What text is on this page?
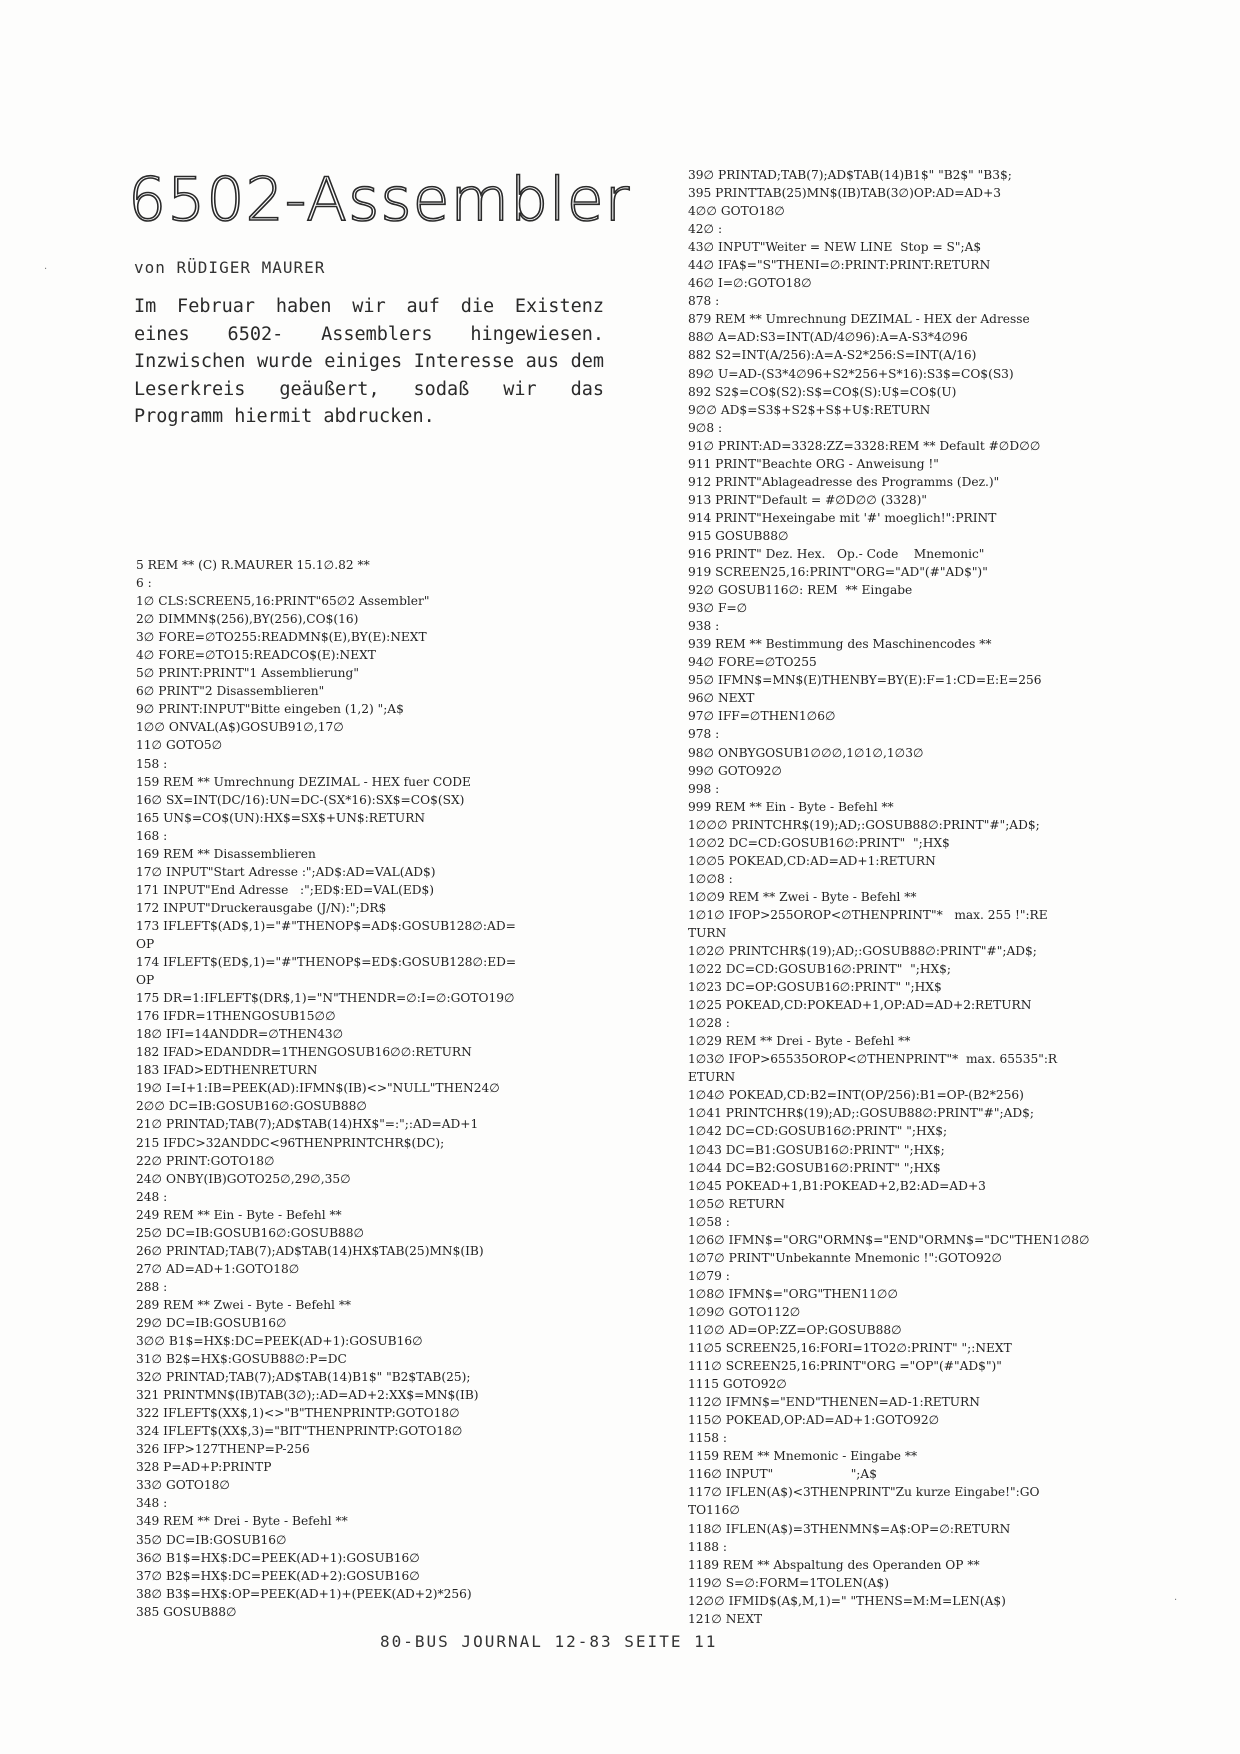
6502-Assembler
von RÜDIGER MAURER
Im Februar haben wir auf die Existenz eines 6502- Assemblers hingewiesen. Inzwischen wurde einiges Interesse aus dem Leserkreis geäußert, sodaß wir das Programm hiermit abdrucken.
5 REM ** (C) R.MAURER 15.1∅.82 **
6 :
1∅ CLS:SCREEN5,16:PRINT"65∅2 Assembler"
2∅ DIMMN$(256),BY(256),CO$(16)
3∅ FORE=∅TO255:READMN$(E),BY(E):NEXT
4∅ FORE=∅TO15:READCO$(E):NEXT
5∅ PRINT:PRINT"1 Assemblierung"
6∅ PRINT"2 Disassemblieren"
9∅ PRINT:INPUT"Bitte eingeben (1,2) ";A$
1∅∅ ONVAL(A$)GOSUB91∅,17∅
11∅ GOTO5∅
158 :
159 REM ** Umrechnung DEZIMAL - HEX fuer CODE
16∅ SX=INT(DC/16):UN=DC-(SX*16):SX$=CO$(SX)
165 UN$=CO$(UN):HX$=SX$+UN$:RETURN
168 :
169 REM ** Disassemblieren
17∅ INPUT"Start Adresse :";AD$:AD=VAL(AD$)
171 INPUT"End Adresse   :";ED$:ED=VAL(ED$)
172 INPUT"Druckerausgabe (J/N):";DR$
173 IFLEFT$(AD$,1)="#"THENOP$=AD$:GOSUB128∅:AD=
OP
174 IFLEFT$(ED$,1)="#"THENOP$=ED$:GOSUB128∅:ED=
OP
175 DR=1:IFLEFT$(DR$,1)="N"THENDR=∅:I=∅:GOTO19∅
176 IFDR=1THENGOSUB15∅∅
18∅ IFI=14ANDDR=∅THEN43∅
182 IFAD>EDANDDR=1THENGOSUB16∅∅:RETURN
183 IFAD>EDTHENRETURN
19∅ I=I+1:IB=PEEK(AD):IFMN$(IB)<>"NULL"THEN24∅
2∅∅ DC=IB:GOSUB16∅:GOSUB88∅
21∅ PRINTAD;TAB(7);AD$TAB(14)HX$"=:";:AD=AD+1
215 IFDC>32ANDDC<96THENPRINTCHR$(DC);
22∅ PRINT:GOTO18∅
24∅ ONBY(IB)GOTO25∅,29∅,35∅
248 :
249 REM ** Ein - Byte - Befehl **
25∅ DC=IB:GOSUB16∅:GOSUB88∅
26∅ PRINTAD;TAB(7);AD$TAB(14)HX$TAB(25)MN$(IB)
27∅ AD=AD+1:GOTO18∅
288 :
289 REM ** Zwei - Byte - Befehl **
29∅ DC=IB:GOSUB16∅
3∅∅ B1$=HX$:DC=PEEK(AD+1):GOSUB16∅
31∅ B2$=HX$:GOSUB88∅:P=DC
32∅ PRINTAD;TAB(7);AD$TAB(14)B1$" "B2$TAB(25);
321 PRINTMN$(IB)TAB(3∅);:AD=AD+2:XX$=MN$(IB)
322 IFLEFT$(XX$,1)<>"B"THENPRINTP:GOTO18∅
324 IFLEFT$(XX$,3)="BIT"THENPRINTP:GOTO18∅
326 IFP>127THENP=P-256
328 P=AD+P:PRINTP
33∅ GOTO18∅
348 :
349 REM ** Drei - Byte - Befehl **
35∅ DC=IB:GOSUB16∅
36∅ B1$=HX$:DC=PEEK(AD+1):GOSUB16∅
37∅ B2$=HX$:DC=PEEK(AD+2):GOSUB16∅
38∅ B3$=HX$:OP=PEEK(AD+1)+(PEEK(AD+2)*256)
385 GOSUB88∅
39∅ PRINTAD;TAB(7);AD$TAB(14)B1$" "B2$" "B3$;
395 PRINTTAB(25)MN$(IB)TAB(3∅)OP:AD=AD+3
4∅∅ GOTO18∅
42∅ :
43∅ INPUT"Weiter = NEW LINE  Stop = S";A$
44∅ IFA$="S"THENI=∅:PRINT:PRINT:RETURN
46∅ I=∅:GOTO18∅
878 :
879 REM ** Umrechnung DEZIMAL - HEX der Adresse
88∅ A=AD:S3=INT(AD/4∅96):A=A-S3*4∅96
882 S2=INT(A/256):A=A-S2*256:S=INT(A/16)
89∅ U=AD-(S3*4∅96+S2*256+S*16):S3$=CO$(S3)
892 S2$=CO$(S2):S$=CO$(S):U$=CO$(U)
9∅∅ AD$=S3$+S2$+S$+U$:RETURN
9∅8 :
91∅ PRINT:AD=3328:ZZ=3328:REM ** Default #∅D∅∅
911 PRINT"Beachte ORG - Anweisung !"
912 PRINT"Ablageadresse des Programms (Dez.)"
913 PRINT"Default = #∅D∅∅ (3328)"
914 PRINT"Hexeingabe mit '#' moeglich!":PRINT
915 GOSUB88∅
916 PRINT" Dez. Hex.   Op.- Code    Mnemonic"
919 SCREEN25,16:PRINT"ORG="AD"(#"AD$")"
92∅ GOSUB116∅: REM  ** Eingabe
93∅ F=∅
938 :
939 REM ** Bestimmung des Maschinencodes **
94∅ FORE=∅TO255
95∅ IFMN$=MN$(E)THENBY=BY(E):F=1:CD=E:E=256
96∅ NEXT
97∅ IFF=∅THEN1∅6∅
978 :
98∅ ONBYGOSUB1∅∅∅,1∅1∅,1∅3∅
99∅ GOTO92∅
998 :
999 REM ** Ein - Byte - Befehl **
1∅∅∅ PRINTCHR$(19);AD;:GOSUB88∅:PRINT"#";AD$;
1∅∅2 DC=CD:GOSUB16∅:PRINT"  ";HX$
1∅∅5 POKEAD,CD:AD=AD+1:RETURN
1∅∅8 :
1∅∅9 REM ** Zwei - Byte - Befehl **
1∅1∅ IFOP>255OROP<∅THENPRINT"*   max. 255 !":RE
TURN
1∅2∅ PRINTCHR$(19);AD;:GOSUB88∅:PRINT"#";AD$;
1∅22 DC=CD:GOSUB16∅:PRINT"  ";HX$;
1∅23 DC=OP:GOSUB16∅:PRINT" ";HX$
1∅25 POKEAD,CD:POKEAD+1,OP:AD=AD+2:RETURN
1∅28 :
1∅29 REM ** Drei - Byte - Befehl **
1∅3∅ IFOP>65535OROP<∅THENPRINT"*  max. 65535":R
ETURN
1∅4∅ POKEAD,CD:B2=INT(OP/256):B1=OP-(B2*256)
1∅41 PRINTCHR$(19);AD;:GOSUB88∅:PRINT"#";AD$;
1∅42 DC=CD:GOSUB16∅:PRINT" ";HX$;
1∅43 DC=B1:GOSUB16∅:PRINT" ";HX$;
1∅44 DC=B2:GOSUB16∅:PRINT" ";HX$
1∅45 POKEAD+1,B1:POKEAD+2,B2:AD=AD+3
1∅5∅ RETURN
1∅58 :
1∅6∅ IFMN$="ORG"ORMN$="END"ORMN$="DC"THEN1∅8∅
1∅7∅ PRINT"Unbekannte Mnemonic !":GOTO92∅
1∅79 :
1∅8∅ IFMN$="ORG"THEN11∅∅
1∅9∅ GOTO112∅
11∅∅ AD=OP:ZZ=OP:GOSUB88∅
11∅5 SCREEN25,16:FORI=1TO2∅:PRINT" ";:NEXT
111∅ SCREEN25,16:PRINT"ORG ="OP"(#"AD$")"
1115 GOTO92∅
112∅ IFMN$="END"THENEN=AD-1:RETURN
115∅ POKEAD,OP:AD=AD+1:GOTO92∅
1158 :
1159 REM ** Mnemonic - Eingabe **
116∅ INPUT"                    ";A$
117∅ IFLEN(A$)<3THENPRINT"Zu kurze Eingabe!":GO
TO116∅
118∅ IFLEN(A$)=3THENMN$=A$:OP=∅:RETURN
1188 :
1189 REM ** Abspaltung des Operanden OP **
119∅ S=∅:FORM=1TOLEN(A$)
12∅∅ IFMID$(A$,M,1)=" "THENS=M:M=LEN(A$)
121∅ NEXT
80-BUS JOURNAL 12-83 SEITE 11
·
·
